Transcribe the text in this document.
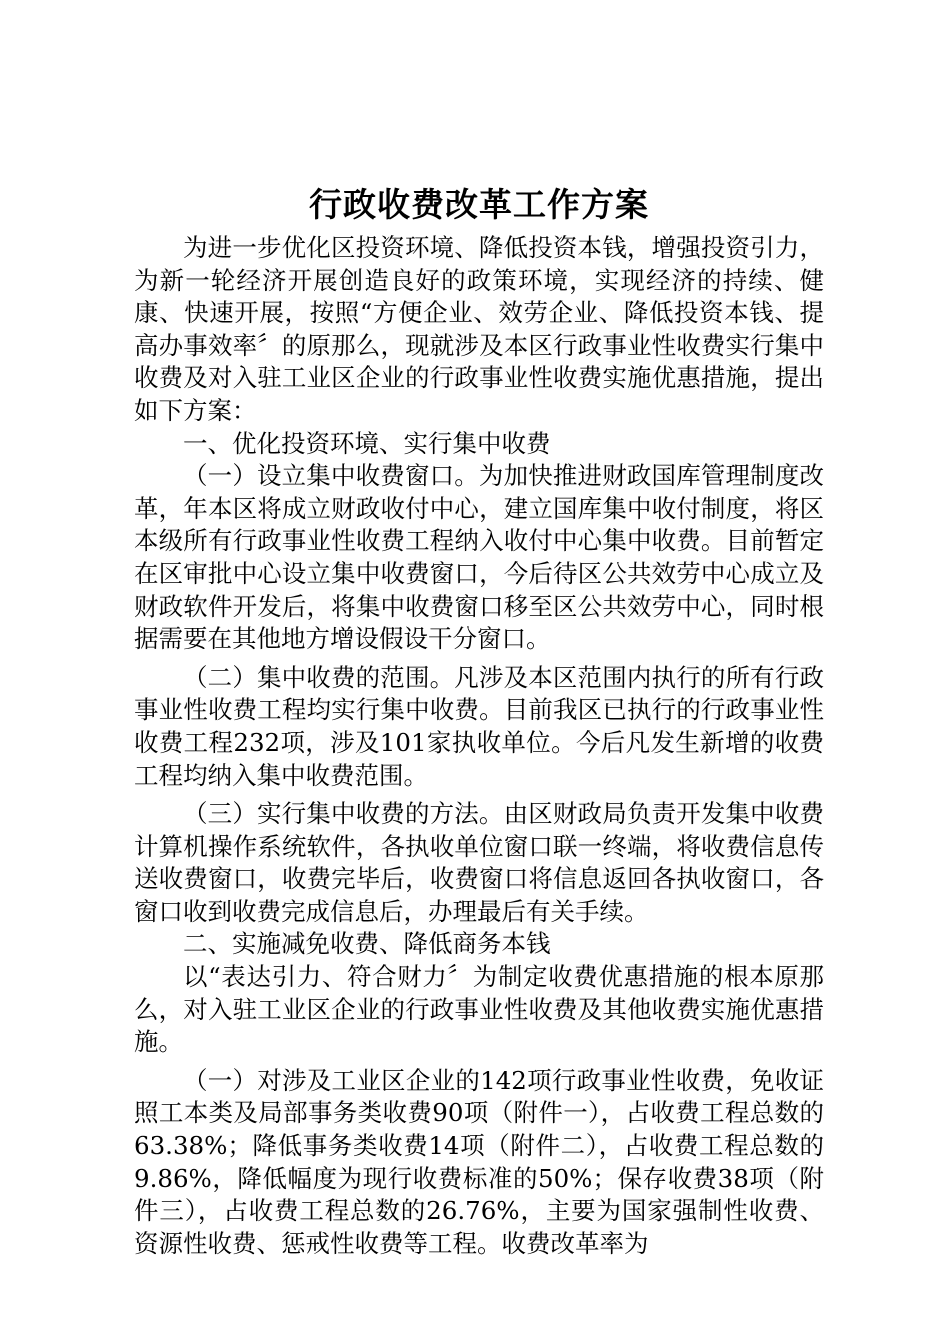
行政收费改革工作方案

为进一步优化区投资环境、降低投资本钱，增强投资引力，为新一轮经济开展创造良好的政策环境，实现经济的持续、健康、快速开展，按照“方便企业、效劳企业、降低投资本钱、提高办事效率〞的原那么，现就涉及本区行政事业性收费实行集中收费及对入驻工业区企业的行政事业性收费实施优惠措施，提出如下方案：

一、优化投资环境、实行集中收费

（一）设立集中收费窗口。为加快推进财政国库管理制度改革，年本区将成立财政收付中心，建立国库集中收付制度，将区本级所有行政事业性收费工程纳入收付中心集中收费。目前暂定在区审批中心设立集中收费窗口，今后待区公共效劳中心成立及财政软件开发后，将集中收费窗口移至区公共效劳中心，同时根据需要在其他地方增设假设干分窗口。

（二）集中收费的范围。凡涉及本区范围内执行的所有行政事业性收费工程均实行集中收费。目前我区已执行的行政事业性收费工程232项，涉及101家执收单位。今后凡发生新增的收费工程均纳入集中收费范围。

（三）实行集中收费的方法。由区财政局负责开发集中收费计算机操作系统软件，各执收单位窗口联一终端，将收费信息传送收费窗口，收费完毕后，收费窗口将信息返回各执收窗口，各窗口收到收费完成信息后，办理最后有关手续。

二、实施减免收费、降低商务本钱

以“表达引力、符合财力〞为制定收费优惠措施的根本原那么，对入驻工业区企业的行政事业性收费及其他收费实施优惠措施。

（一）对涉及工业区企业的142项行政事业性收费，免收证照工本类及局部事务类收费90项（附件一），占收费工程总数的63.38%；降低事务类收费14项（附件二），占收费工程总数的9.86%，降低幅度为现行收费标准的50%；保存收费38项（附件三），占收费工程总数的26.76%，主要为国家强制性收费、资源性收费、惩戒性收费等工程。收费改革率为
